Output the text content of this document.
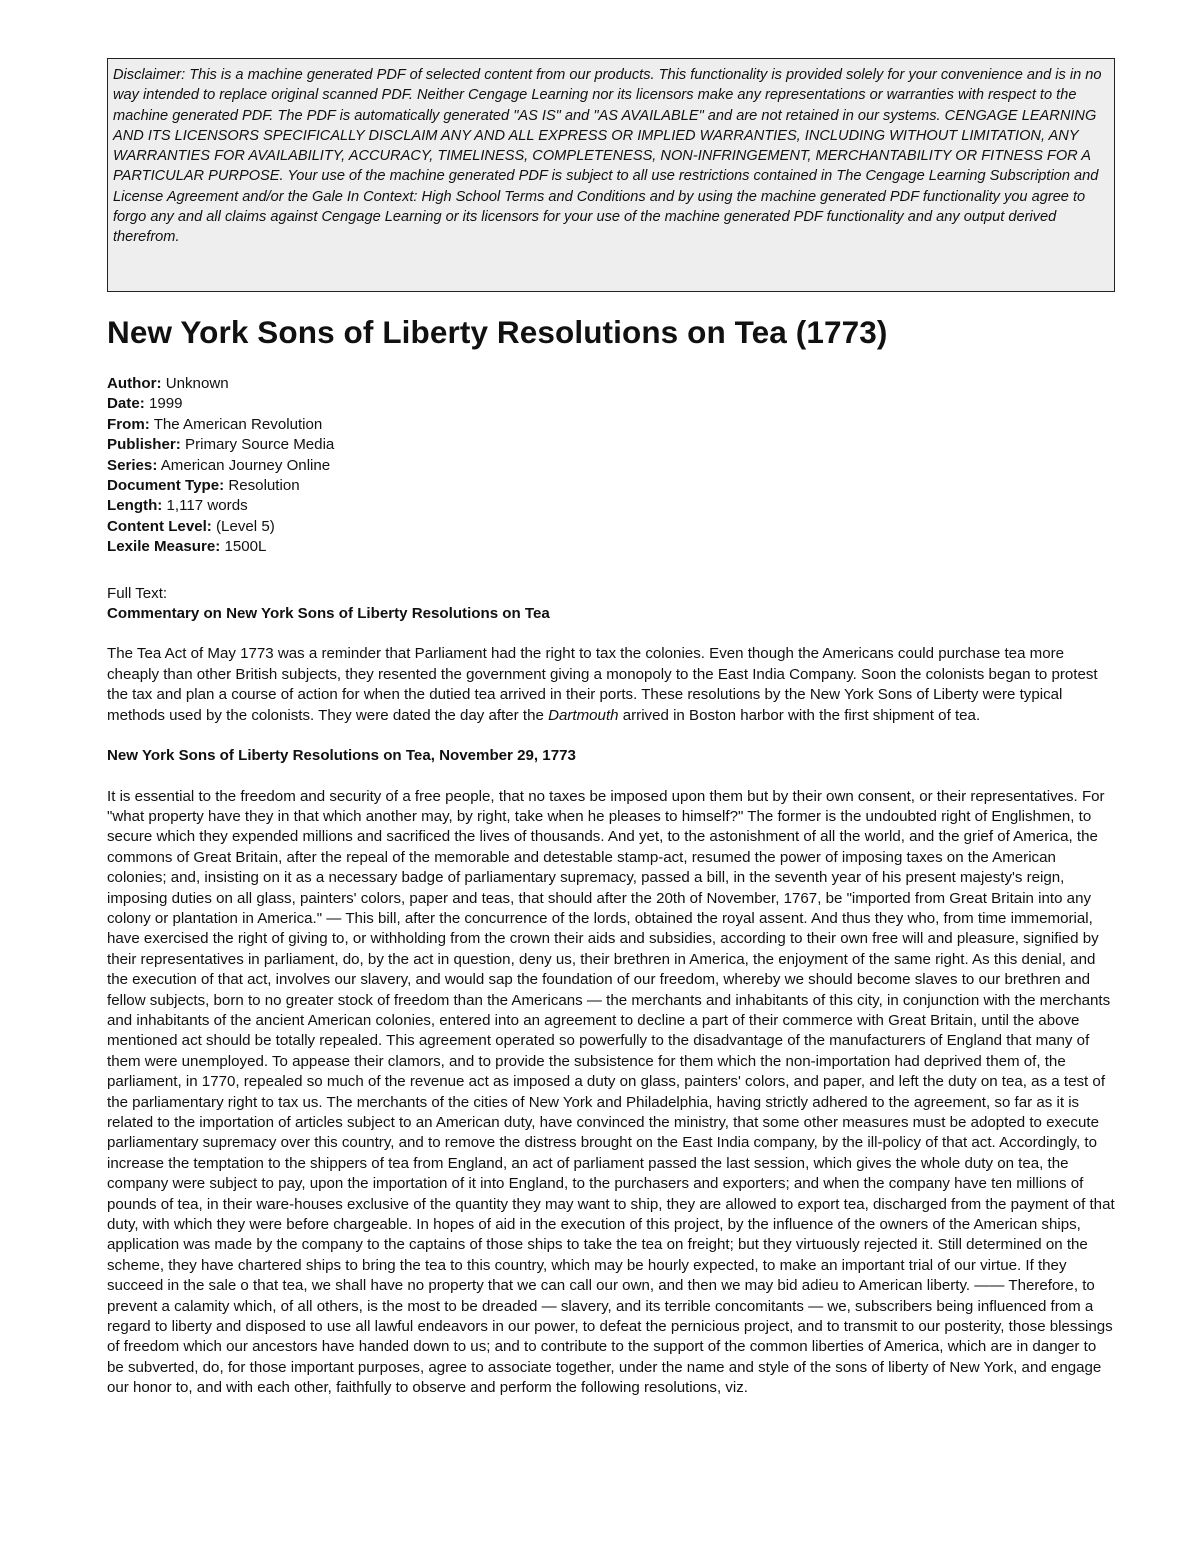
Disclaimer: This is a machine generated PDF of selected content from our products. This functionality is provided solely for your convenience and is in no way intended to replace original scanned PDF. Neither Cengage Learning nor its licensors make any representations or warranties with respect to the machine generated PDF. The PDF is automatically generated "AS IS" and "AS AVAILABLE" and are not retained in our systems. CENGAGE LEARNING AND ITS LICENSORS SPECIFICALLY DISCLAIM ANY AND ALL EXPRESS OR IMPLIED WARRANTIES, INCLUDING WITHOUT LIMITATION, ANY WARRANTIES FOR AVAILABILITY, ACCURACY, TIMELINESS, COMPLETENESS, NON-INFRINGEMENT, MERCHANTABILITY OR FITNESS FOR A PARTICULAR PURPOSE. Your use of the machine generated PDF is subject to all use restrictions contained in The Cengage Learning Subscription and License Agreement and/or the Gale In Context: High School Terms and Conditions and by using the machine generated PDF functionality you agree to forgo any and all claims against Cengage Learning or its licensors for your use of the machine generated PDF functionality and any output derived therefrom.
New York Sons of Liberty Resolutions on Tea (1773)
Author: Unknown
Date: 1999
From: The American Revolution
Publisher: Primary Source Media
Series: American Journey Online
Document Type: Resolution
Length: 1,117 words
Content Level: (Level 5)
Lexile Measure: 1500L
Full Text:
Commentary on New York Sons of Liberty Resolutions on Tea

The Tea Act of May 1773 was a reminder that Parliament had the right to tax the colonies. Even though the Americans could purchase tea more cheaply than other British subjects, they resented the government giving a monopoly to the East India Company. Soon the colonists began to protest the tax and plan a course of action for when the dutied tea arrived in their ports. These resolutions by the New York Sons of Liberty were typical methods used by the colonists. They were dated the day after the Dartmouth arrived in Boston harbor with the first shipment of tea.

New York Sons of Liberty Resolutions on Tea, November 29, 1773

It is essential to the freedom and security of a free people, that no taxes be imposed upon them but by their own consent, or their representatives. For "what property have they in that which another may, by right, take when he pleases to himself?" The former is the undoubted right of Englishmen, to secure which they expended millions and sacrificed the lives of thousands. And yet, to the astonishment of all the world, and the grief of America, the commons of Great Britain, after the repeal of the memorable and detestable stamp-act, resumed the power of imposing taxes on the American colonies; and, insisting on it as a necessary badge of parliamentary supremacy, passed a bill, in the seventh year of his present majesty's reign, imposing duties on all glass, painters' colors, paper and teas, that should after the 20th of November, 1767, be "imported from Great Britain into any colony or plantation in America." — This bill, after the concurrence of the lords, obtained the royal assent. And thus they who, from time immemorial, have exercised the right of giving to, or withholding from the crown their aids and subsidies, according to their own free will and pleasure, signified by their representatives in parliament, do, by the act in question, deny us, their brethren in America, the enjoyment of the same right. As this denial, and the execution of that act, involves our slavery, and would sap the foundation of our freedom, whereby we should become slaves to our brethren and fellow subjects, born to no greater stock of freedom than the Americans — the merchants and inhabitants of this city, in conjunction with the merchants and inhabitants of the ancient American colonies, entered into an agreement to decline a part of their commerce with Great Britain, until the above mentioned act should be totally repealed. This agreement operated so powerfully to the disadvantage of the manufacturers of England that many of them were unemployed. To appease their clamors, and to provide the subsistence for them which the non-importation had deprived them of, the parliament, in 1770, repealed so much of the revenue act as imposed a duty on glass, painters' colors, and paper, and left the duty on tea, as a test of the parliamentary right to tax us. The merchants of the cities of New York and Philadelphia, having strictly adhered to the agreement, so far as it is related to the importation of articles subject to an American duty, have convinced the ministry, that some other measures must be adopted to execute parliamentary supremacy over this country, and to remove the distress brought on the East India company, by the ill-policy of that act. Accordingly, to increase the temptation to the shippers of tea from England, an act of parliament passed the last session, which gives the whole duty on tea, the company were subject to pay, upon the importation of it into England, to the purchasers and exporters; and when the company have ten millions of pounds of tea, in their ware-houses exclusive of the quantity they may want to ship, they are allowed to export tea, discharged from the payment of that duty, with which they were before chargeable. In hopes of aid in the execution of this project, by the influence of the owners of the American ships, application was made by the company to the captains of those ships to take the tea on freight; but they virtuously rejected it. Still determined on the scheme, they have chartered ships to bring the tea to this country, which may be hourly expected, to make an important trial of our virtue. If they succeed in the sale o that tea, we shall have no property that we can call our own, and then we may bid adieu to American liberty. —— Therefore, to prevent a calamity which, of all others, is the most to be dreaded — slavery, and its terrible concomitants — we, subscribers being influenced from a regard to liberty and disposed to use all lawful endeavors in our power, to defeat the pernicious project, and to transmit to our posterity, those blessings of freedom which our ancestors have handed down to us; and to contribute to the support of the common liberties of America, which are in danger to be subverted, do, for those important purposes, agree to associate together, under the name and style of the sons of liberty of New York, and engage our honor to, and with each other, faithfully to observe and perform the following resolutions, viz.
